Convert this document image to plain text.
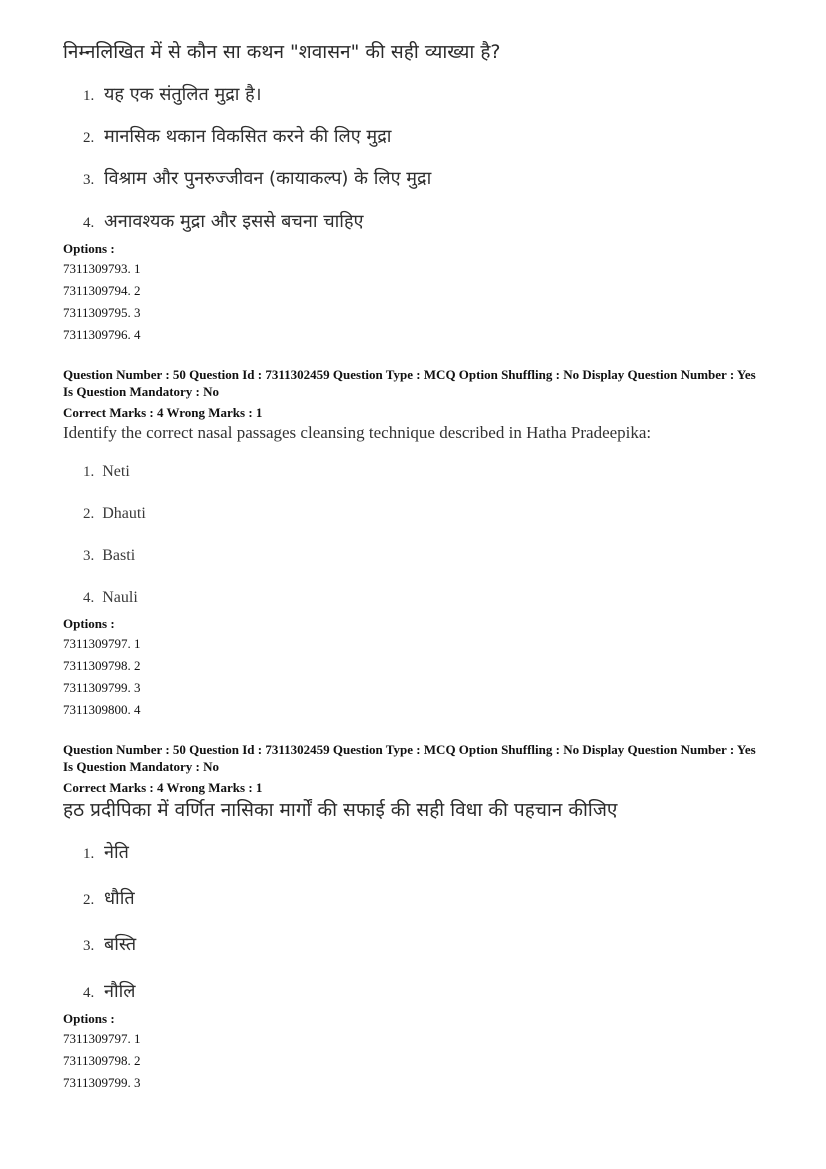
निम्नलिखित में से कौन सा कथन "शवासन" की सही व्याख्या है?

1. यह एक संतुलित मुद्रा है।
2. मानसिक थकान विकसित करने की लिए मुद्रा
3. विश्राम और पुनरुज्जीवन (कायाकल्प) के लिए मुद्रा
4. अनावश्यक मुद्रा और इससे बचना चाहिए

Options :

7311309793. 1
7311309794. 2
7311309795. 3
7311309796. 4

Question Number : 50 Question Id : 7311302459 Question Type : MCQ Option Shuffling : No Display Question Number : Yes Is Question Mandatory : No

Correct Marks : 4 Wrong Marks : 1

Identify the correct nasal passages cleansing technique described in Hatha Pradeepika:

1. Neti
2. Dhauti
3. Basti
4. Nauli

Options :

7311309797. 1
7311309798. 2
7311309799. 3
7311309800. 4

Question Number : 50 Question Id : 7311302459 Question Type : MCQ Option Shuffling : No Display Question Number : Yes Is Question Mandatory : No

Correct Marks : 4 Wrong Marks : 1

हठ प्रदीपिका में वर्णित नासिका मार्गों की सफाई की सही विधा की पहचान कीजिए

1. नेति
2. धौति
3. बस्ति
4. नौलि

Options :

7311309797. 1
7311309798. 2
7311309799. 3
